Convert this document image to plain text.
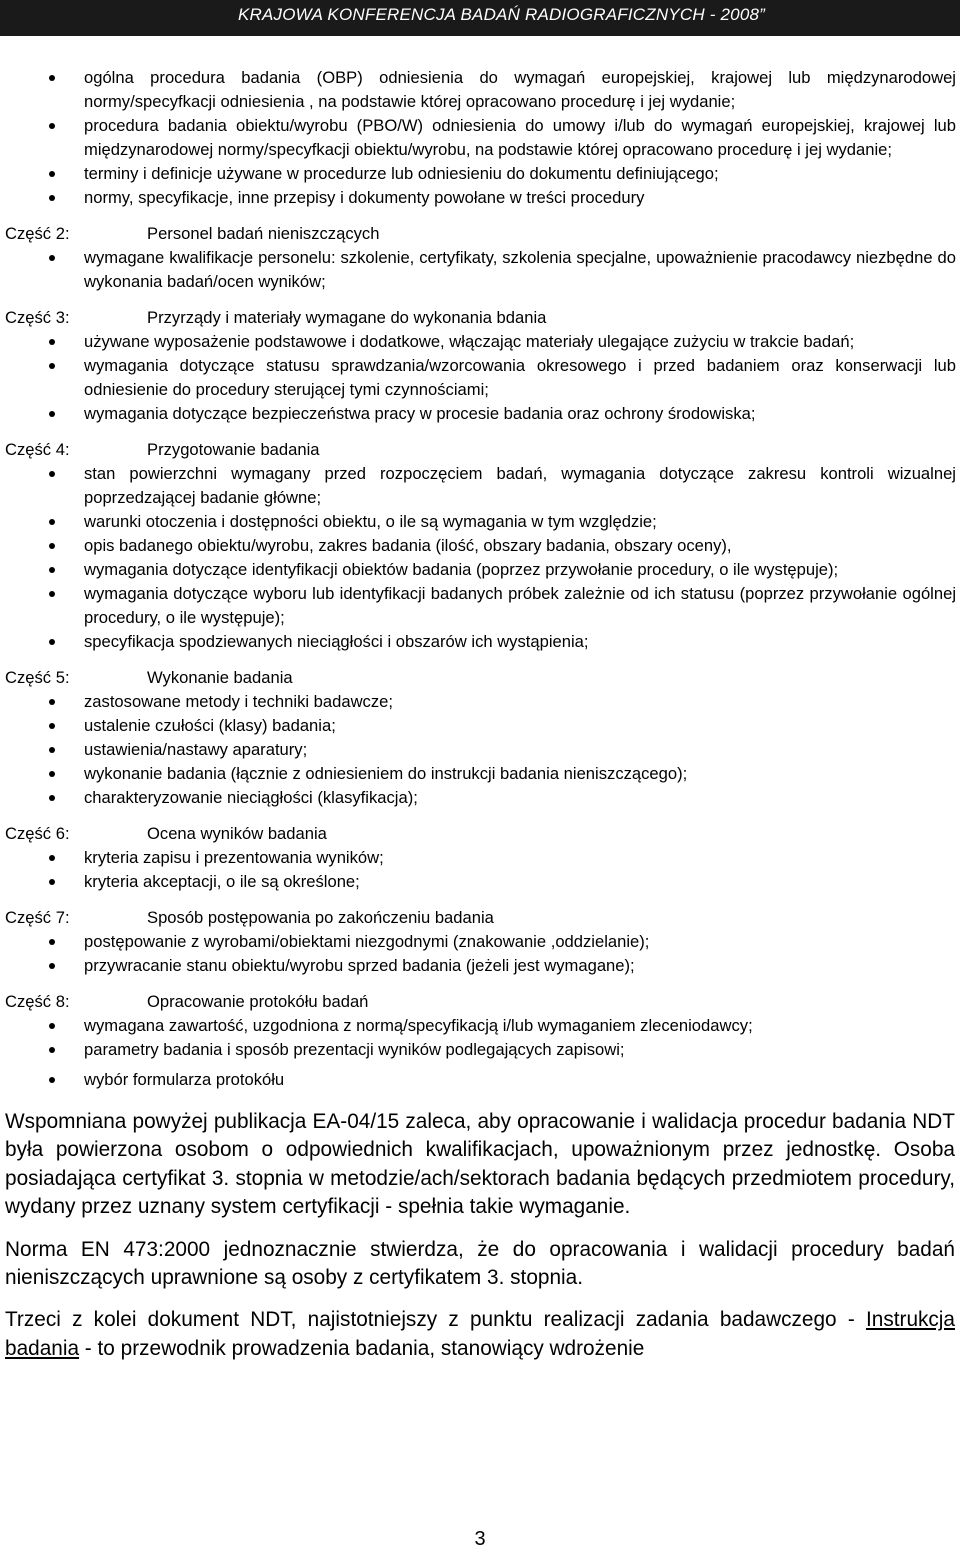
KRAJOWA KONFERENCJA BADAŃ RADIOGRAFICZNYCH - 2008”
ogólna procedura badania (OBP) odniesienia do wymagań europejskiej, krajowej lub międzynarodowej normy/specyfkacji odniesienia , na podstawie której opracowano procedurę i jej wydanie;
procedura badania obiektu/wyrobu (PBO/W) odniesienia do umowy i/lub do wymagań europejskiej, krajowej lub międzynarodowej normy/specyfkacji obiektu/wyrobu, na podstawie której opracowano procedurę i jej wydanie;
terminy i definicje używane w procedurze lub odniesieniu do dokumentu definiującego;
normy, specyfikacje, inne przepisy i dokumenty powołane w treści procedury
Część 2:	Personel badań nieniszczących
wymagane kwalifikacje personelu: szkolenie, certyfikaty, szkolenia specjalne, upoważnienie pracodawcy niezbędne do wykonania badań/ocen wyników;
Część 3:	Przyrządy i materiały wymagane do wykonania bdania
używane wyposażenie podstawowe i dodatkowe, włączając materiały ulegające zużyciu w trakcie badań;
wymagania dotyczące statusu sprawdzania/wzorcowania okresowego i przed badaniem oraz konserwacji lub odniesienie do procedury sterującej tymi czynnościami;
wymagania dotyczące bezpieczeństwa pracy w procesie badania oraz ochrony środowiska;
Część 4:	Przygotowanie badania
stan powierzchni wymagany przed rozpoczęciem badań, wymagania dotyczące zakresu kontroli wizualnej poprzedzającej badanie główne;
warunki otoczenia i dostępności obiektu, o ile są wymagania w tym względzie;
opis badanego obiektu/wyrobu, zakres badania (ilość, obszary badania, obszary oceny),
wymagania dotyczące identyfikacji obiektów badania (poprzez przywołanie procedury, o ile występuje);
wymagania dotyczące wyboru lub identyfikacji badanych próbek zależnie od ich statusu (poprzez przywołanie ogólnej procedury, o ile występuje);
specyfikacja spodziewanych nieciągłości i obszarów ich wystąpienia;
Część 5:	Wykonanie badania
zastosowane metody i techniki badawcze;
ustalenie czułości (klasy) badania;
ustawienia/nastawy aparatury;
wykonanie badania (łącznie z odniesieniem do instrukcji badania nieniszczącego);
charakteryzowanie nieciągłości (klasyfikacja);
Część 6:	Ocena wyników badania
kryteria zapisu i prezentowania wyników;
kryteria akceptacji, o ile są określone;
Część 7:	Sposób postępowania po zakończeniu badania
postępowanie z wyrobami/obiektami niezgodnymi (znakowanie ,oddzielanie);
przywracanie stanu obiektu/wyrobu sprzed badania (jeżeli jest wymagane);
Część 8:	Opracowanie protokółu badań
wymagana zawartość, uzgodniona z normą/specyfikacją i/lub wymaganiem zleceniodawcy;
parametry badania i sposób prezentacji wyników podlegających zapisowi;
wybór formularza protokółu

Wspomniana powyżej publikacja EA-04/15 zaleca, aby opracowanie i walidacja procedur badania NDT była powierzona osobom o odpowiednich kwalifikacjach, upoważnionym przez jednostkę. Osoba posiadająca certyfikat 3. stopnia w metodzie/ach/sektorach badania będących przedmiotem procedury, wydany przez uznany system certyfikacji - spełnia takie wymaganie.

Norma EN 473:2000 jednoznacznie stwierdza, że do opracowania i walidacji procedury badań nieniszczących uprawnione są osoby z certyfikatem 3. stopnia.

Trzeci z kolei dokument NDT, najistotniejszy z punktu realizacji zadania badawczego - Instrukcja badania - to przewodnik prowadzenia badania, stanowiący wdrożenie

3
